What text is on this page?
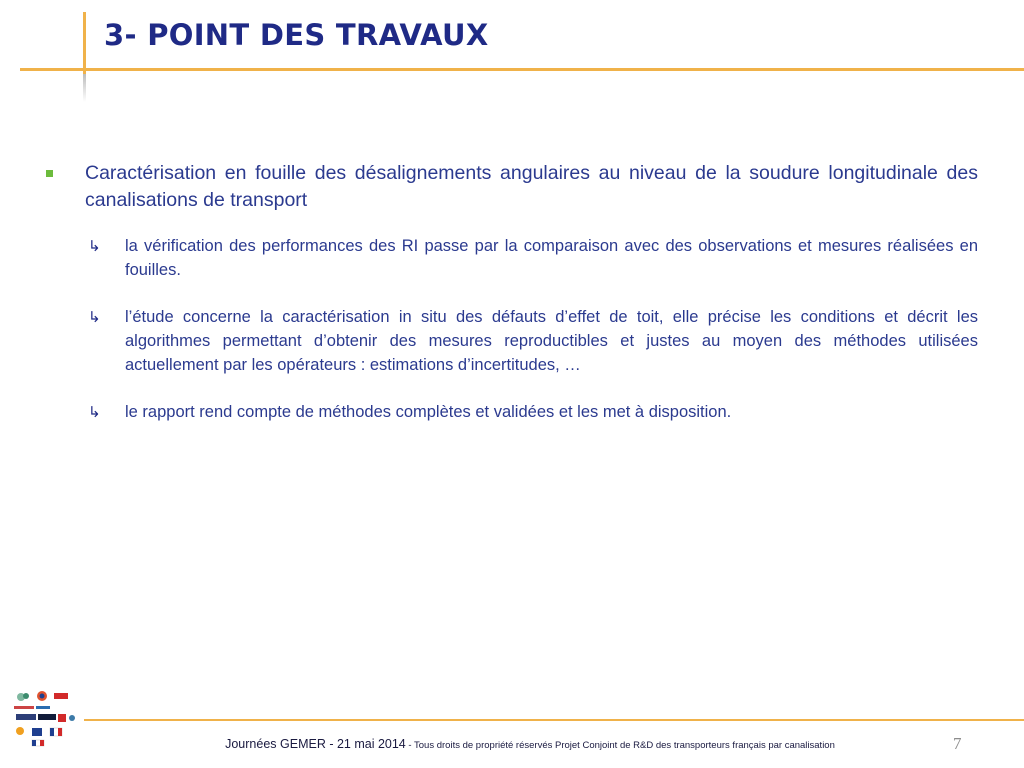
3- POINT DES TRAVAUX
Caractérisation en fouille des désalignements angulaires au niveau de la soudure longitudinale des canalisations de transport
↳ la vérification des performances des RI passe par la comparaison avec des observations et mesures réalisées en fouilles.
↳ l’étude concerne la caractérisation in situ des défauts d’effet de toit, elle précise les conditions et décrit les algorithmes permettant d’obtenir des mesures reproductibles et justes au moyen des méthodes utilisées actuellement par les opérateurs : estimations d’incertitudes, …
↳ le rapport rend compte de méthodes complètes et validées et les met à disposition.
Journées GEMER - 21 mai 2014 - Tous droits de propriété réservés Projet Conjoint de R&D des transporteurs français par canalisation	7
